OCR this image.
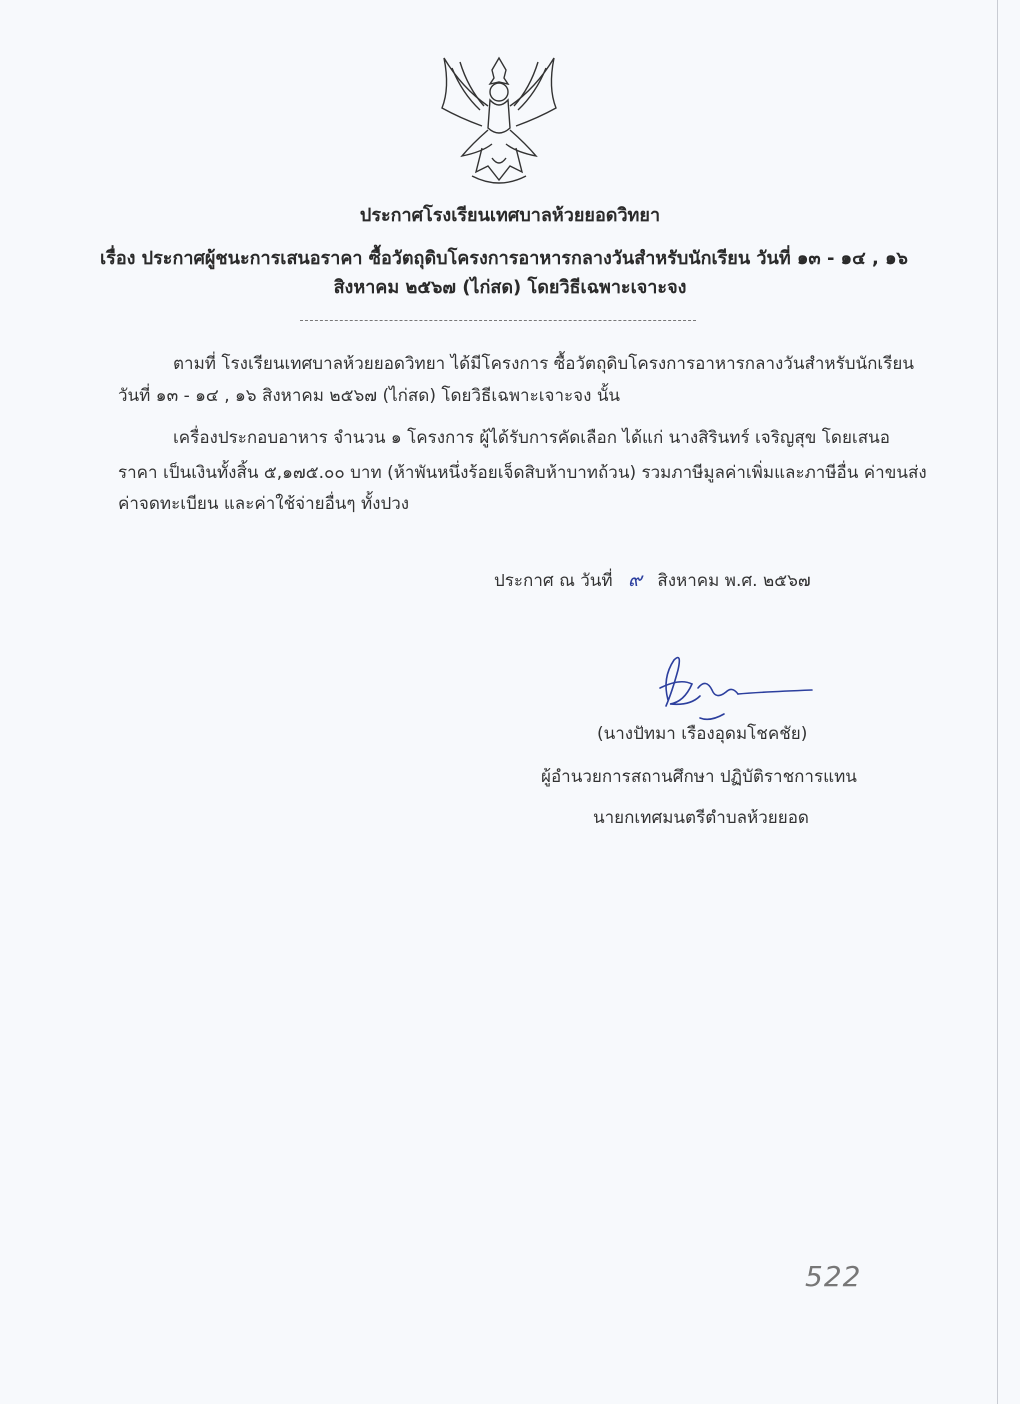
ประกาศโรงเรียนเทศบาลห้วยยอดวิทยา
เรื่อง ประกาศผู้ชนะการเสนอราคา ซื้อวัตถุดิบโครงการอาหารกลางวันสำหรับนักเรียน วันที่ ๑๓ - ๑๔ , ๑๖
สิงหาคม ๒๕๖๗ (ไก่สด) โดยวิธีเฉพาะเจาะจง
ตามที่ โรงเรียนเทศบาลห้วยยอดวิทยา ได้มีโครงการ ซื้อวัตถุดิบโครงการอาหารกลางวันสำหรับนักเรียน
วันที่ ๑๓ - ๑๔ , ๑๖ สิงหาคม ๒๕๖๗ (ไก่สด) โดยวิธีเฉพาะเจาะจง นั้น
เครื่องประกอบอาหาร จำนวน ๑ โครงการ ผู้ได้รับการคัดเลือก ได้แก่ นางสิรินทร์ เจริญสุข โดยเสนอ
ราคา เป็นเงินทั้งสิ้น ๕,๑๗๕.๐๐ บาท (ห้าพันหนึ่งร้อยเจ็ดสิบห้าบาทถ้วน) รวมภาษีมูลค่าเพิ่มและภาษีอื่น ค่าขนส่ง
ค่าจดทะเบียน และค่าใช้จ่ายอื่นๆ ทั้งปวง
ประกาศ ณ วันที่ ๙ สิงหาคม พ.ศ. ๒๕๖๗
(นางปัทมา เรืองอุดมโชคชัย)
ผู้อำนวยการสถานศึกษา ปฏิบัติราชการแทน
นายกเทศมนตรีตำบลห้วยยอด
522
